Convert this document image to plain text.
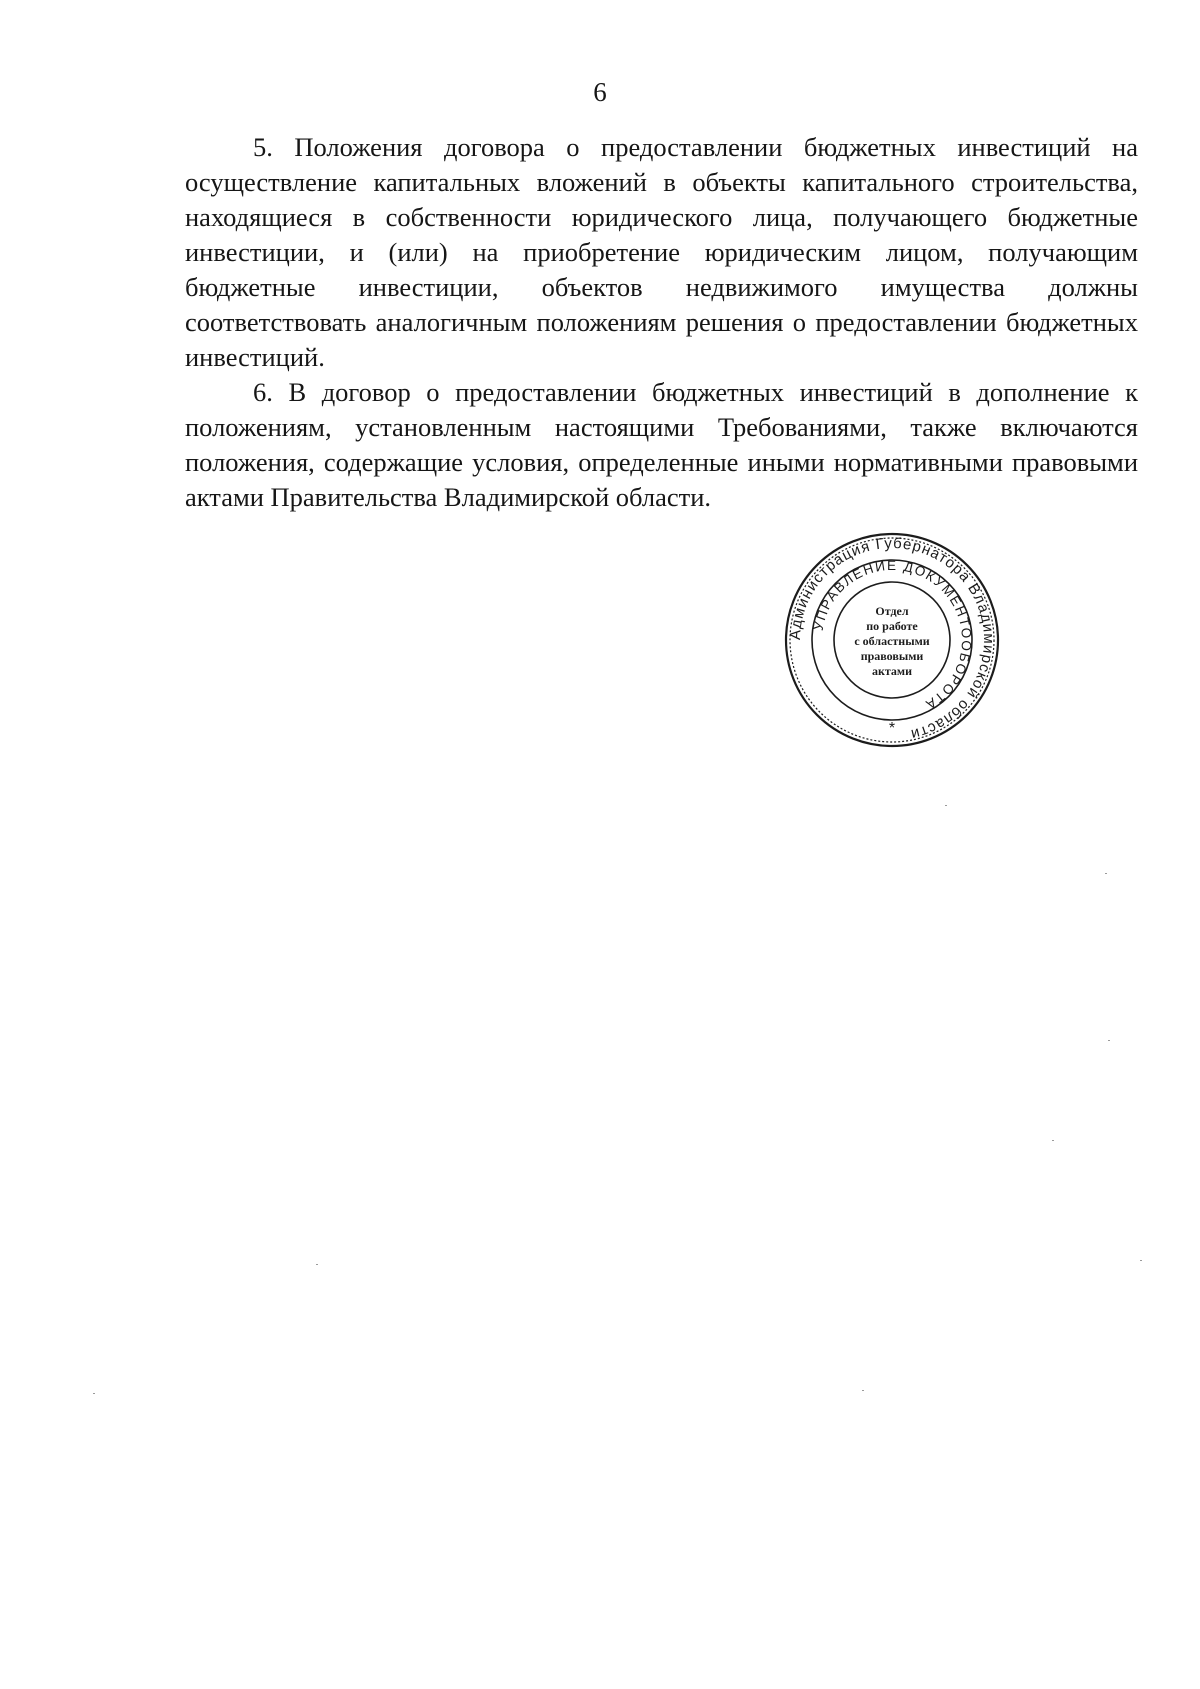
6

5. Положения договора о предоставлении бюджетных инвестиций на осуществление капитальных вложений в объекты капитального строительства, находящиеся в собственности юридического лица, получающего бюджетные инвестиции, и (или) на приобретение юридическим лицом, получающим бюджетные инвестиции, объектов недвижимого имущества должны соответствовать аналогичным положениям решения о предоставлении бюджетных инвестиций.

6. В договор о предоставлении бюджетных инвестиций в дополнение к положениям, установленным настоящими Требованиями, также включаются положения, содержащие условия, определенные иными нормативными правовыми актами Правительства Владимирской области.

Администрация Губернатора Владимирской области
УПРАВЛЕНИЕ ДОКУМЕНТООБОРОТА
Отдел
по работе
с областными
правовыми
актами
*
